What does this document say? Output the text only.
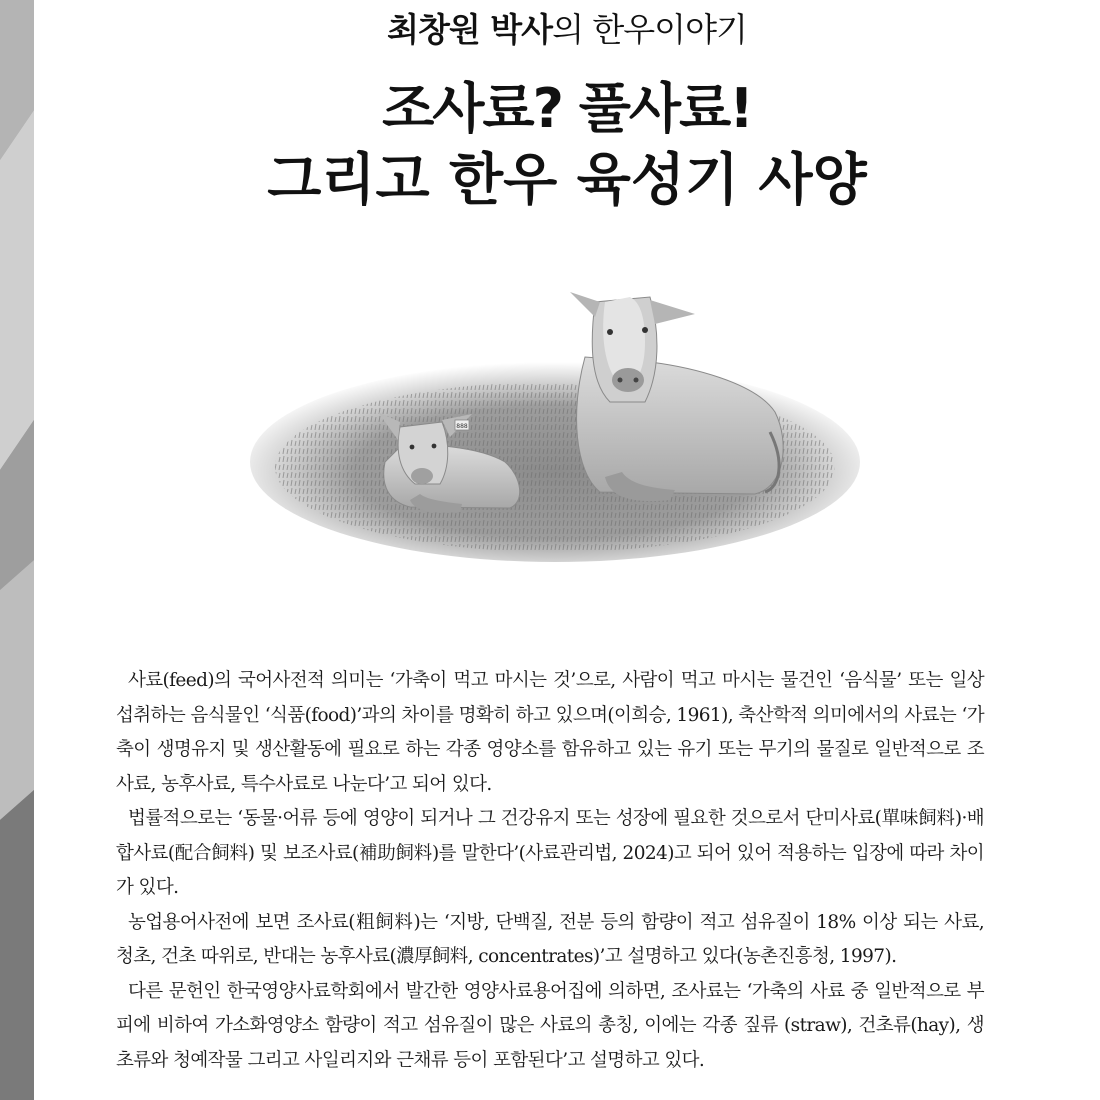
최창원 박사의 한우이야기
조사료? 풀사료!
그리고 한우 육성기 사양
888

사료(feed)의 국어사전적 의미는 ‘가축이 먹고 마시는 것’으로, 사람이 먹고 마시는 물건인 ‘음식물’ 또는 일상 섭취하는 음식물인 ‘식품(food)’과의 차이를 명확히 하고 있으며(이희승, 1961), 축산학적 의미에서의 사료는 ‘가축이 생명유지 및 생산활동에 필요로 하는 각종 영양소를 함유하고 있는 유기 또는 무기의 물질로 일반적으로 조사료, 농후사료, 특수사료로 나눈다’고 되어 있다.

법률적으로는 ‘동물·어류 등에 영양이 되거나 그 건강유지 또는 성장에 필요한 것으로서 단미사료(單味飼料)·배합사료(配合飼料) 및 보조사료(補助飼料)를 말한다’(사료관리법, 2024)고 되어 있어 적용하는 입장에 따라 차이가 있다.

농업용어사전에 보면 조사료(粗飼料)는 ‘지방, 단백질, 전분 등의 함량이 적고 섬유질이 18% 이상 되는 사료, 청초, 건초 따위로, 반대는 농후사료(濃厚飼料, concentrates)’고 설명하고 있다(농촌진흥청, 1997).

다른 문헌인 한국영양사료학회에서 발간한 영양사료용어집에 의하면, 조사료는 ‘가축의 사료 중 일반적으로 부피에 비하여 가소화영양소 함량이 적고 섬유질이 많은 사료의 총칭, 이에는 각종 짚류 (straw), 건초류(hay), 생초류와 청예작물 그리고 사일리지와 근채류 등이 포함된다’고 설명하고 있다.
